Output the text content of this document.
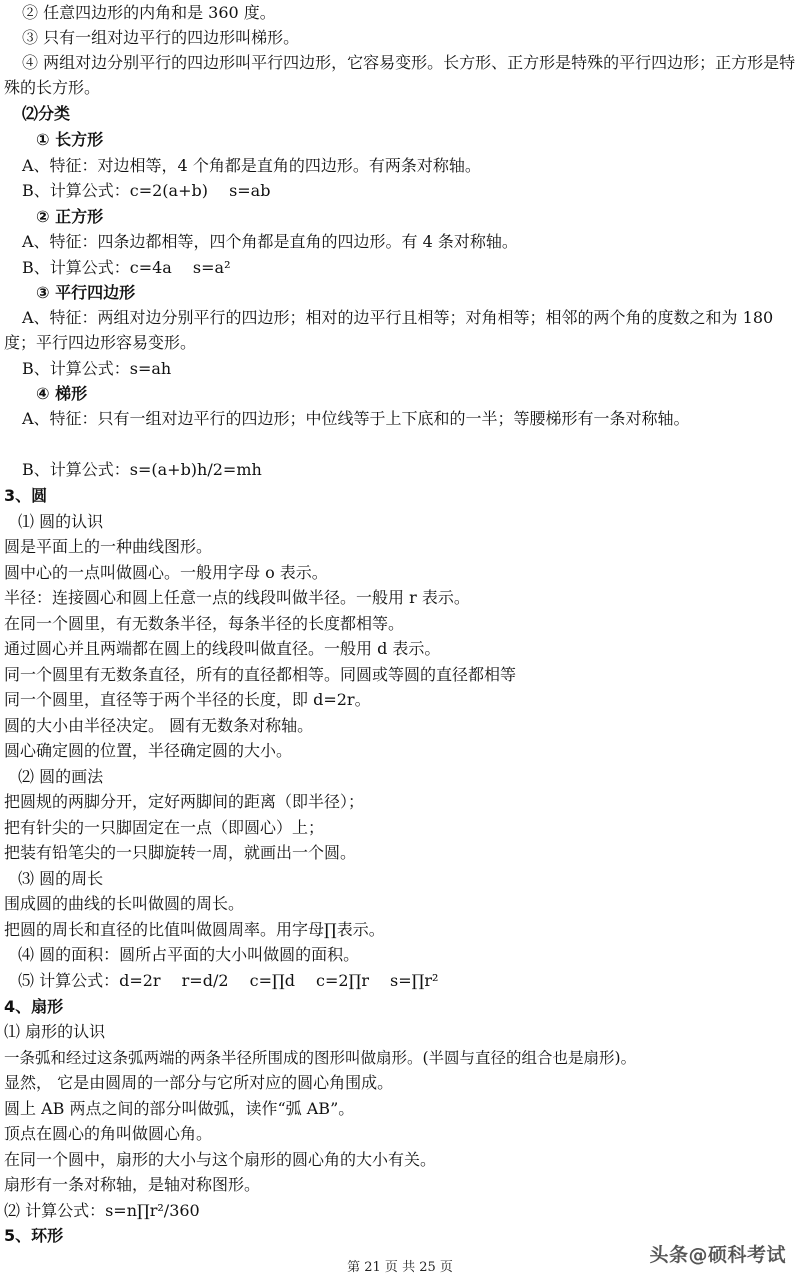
② 任意四边形的内角和是 360 度。
③ 只有一组对边平行的四边形叫梯形。
④ 两组对边分别平行的四边形叫平行四边形，它容易变形。长方形、正方形是特殊的平行四边形；正方形是特殊的长方形。
⑵分类
① 长方形
A、特征：对边相等，4 个角都是直角的四边形。有两条对称轴。
B、计算公式：c=2(a+b)　 s=ab
② 正方形
A、特征：四条边都相等，四个角都是直角的四边形。有 4 条对称轴。
B、计算公式：c=4a　 s=a²
③ 平行四边形
A、特征：两组对边分别平行的四边形；相对的边平行且相等；对角相等；相邻的两个角的度数之和为 180 度；平行四边形容易变形。
B、计算公式：s=ah
④ 梯形
A、特征：只有一组对边平行的四边形；中位线等于上下底和的一半；等腰梯形有一条对称轴。
B、计算公式：s=(a+b)h/2=mh
3、圆
⑴ 圆的认识
圆是平面上的一种曲线图形。
圆中心的一点叫做圆心。一般用字母 o 表示。
半径：连接圆心和圆上任意一点的线段叫做半径。一般用 r 表示。
在同一个圆里，有无数条半径，每条半径的长度都相等。
通过圆心并且两端都在圆上的线段叫做直径。一般用 d 表示。
同一个圆里有无数条直径，所有的直径都相等。同圆或等圆的直径都相等
同一个圆里，直径等于两个半径的长度，即 d=2r。
圆的大小由半径决定。 圆有无数条对称轴。
圆心确定圆的位置，半径确定圆的大小。
⑵ 圆的画法
把圆规的两脚分开，定好两脚间的距离（即半径）；
把有针尖的一只脚固定在一点（即圆心）上；
把装有铅笔尖的一只脚旋转一周，就画出一个圆。
⑶ 圆的周长
围成圆的曲线的长叫做圆的周长。
把圆的周长和直径的比值叫做圆周率。用字母∏表示。
⑷ 圆的面积：圆所占平面的大小叫做圆的面积。
⑸ 计算公式：d=2r　 r=d/2　 c=∏d　 c=2∏r　 s=∏r²
4、扇形
⑴ 扇形的认识
一条弧和经过这条弧两端的两条半径所围成的图形叫做扇形。(半圆与直径的组合也是扇形)。
显然， 它是由圆周的一部分与它所对应的圆心角围成。
圆上 AB 两点之间的部分叫做弧，读作“弧 AB”。
顶点在圆心的角叫做圆心角。
在同一个圆中，扇形的大小与这个扇形的圆心角的大小有关。
扇形有一条对称轴，是轴对称图形。
⑵ 计算公式：s=n∏r²/360
5、环形
头条@硕科考试
第 21 页 共 25 页
